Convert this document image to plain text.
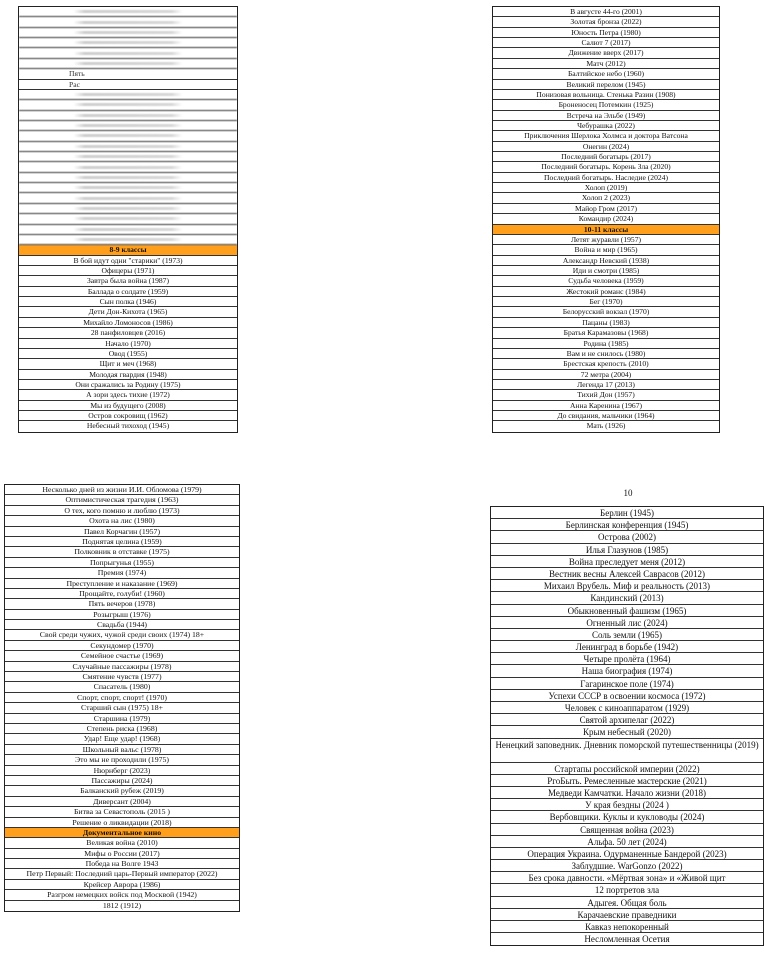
Пять
Рас
8-9 классы
В бой идут одни "старики" (1973)
Офицеры (1971)
Завтра была война (1987)
Баллада о солдате (1959)
Сын полка (1946)
Дети Дон-Кихота (1965)
Михайло Ломоносов (1986)
28 панфиловцев (2016)
Начало (1970)
Овод (1955)
Щит и меч (1968)
Молодая гвардия (1948)
Они сражались за Родину (1975)
А зори здесь тихие (1972)
Мы из будущего (2008)
Остров сокровищ (1962)
Небесный тихоход (1945)
В августе 44-го (2001)
Золотая бронза (2022)
Юность Петра (1980)
Салют 7 (2017)
Движение вверх (2017)
Матч (2012)
Балтийское небо (1960)
Великий перелом (1945)
Понизовая вольница. Стенька Разин (1908)
Броненосец Потемкин (1925)
Встреча на Эльбе (1949)
Чебурашка (2022)
Приключения Шерлока Холмса и доктора Ватсона
Онегин (2024)
Последний богатырь (2017)
Последний богатырь. Корень Зла (2020)
Последний богатырь. Наследие (2024)
Холоп (2019)
Холоп 2 (2023)
Майор Гром (2017)
Командир (2024)
10-11 классы
Летят журавли (1957)
Война и мир (1965)
Александр Невский (1938)
Иди и смотри (1985)
Судьба человека (1959)
Жестокий романс (1984)
Бег (1970)
Белорусский вокзал (1970)
Пацаны (1983)
Братья Карамазовы (1968)
Родина (1985)
Вам и не снилось (1980)
Брестская крепость (2010)
72 метра (2004)
Легенда 17 (2013)
Тихий Дон (1957)
Анна Каренина (1967)
До свидания, мальчики (1964)
Мать (1926)
Несколько дней из жизни И.И. Обломова (1979)
Оптимистическая трагедия (1963)
О тех, кого помню и люблю (1973)
Охота на лис (1980)
Павел Корчагин (1957)
Поднятая целина (1959)
Полковник в отставке (1975)
Попрыгунья (1955)
Премия (1974)
Преступление и наказание (1969)
Прощайте, голуби! (1960)
Пять вечеров (1978)
Розыгрыш (1976)
Свадьба (1944)
Свой среди чужих, чужой среди своих (1974) 18+
Секундомер (1970)
Семейное счастье (1969)
Случайные пассажиры (1978)
Смятение чувств (1977)
Спасатель (1980)
Спорт, спорт, спорт! (1970)
Старший сын (1975) 18+
Старшина (1979)
Степень риска (1968)
Удар! Еще удар! (1968)
Школьный вальс (1978)
Это мы не проходили (1975)
Нюрнберг (2023)
Пассажиры (2024)
Балканский рубеж (2019)
Диверсант (2004)
Битва за Севастополь (2015 )
Решение о ликвидации (2018)
Документальное кино
Великая война (2010)
Мифы о России (2017)
Победа на Волге 1943
Петр Первый: Последний царь-Первый император (2022)
Крейсер Аврора (1986)
Разгром немецких войск под Москвой (1942)
1812 (1912)
10
Берлин (1945)
Берлинская конференция (1945)
Острова (2002)
Илья Глазунов (1985)
Война преследует меня (2012)
Вестник весны Алексей Саврасов (2012)
Михаил Врубель. Миф и реальность (2013)
Кандинский (2013)
Обыкновенный фашизм (1965)
Огненный лис (2024)
Соль земли (1965)
Ленинград в борьбе (1942)
Четыре пролёта (1964)
Наша биография (1974)
Гагаринское поле (1974)
Успехи СССР в освоении космоса (1972)
Человек с киноаппаратом (1929)
Святой архипелаг (2022)
Крым небесный (2020)
Ненецкий заповедник. Дневник поморской путешественницы (2019)
Стартапы российской империи (2022)
РгоБыть. Ремесленные мастерские (2021)
Медведи Камчатки. Начало жизни (2018)
У края бездны (2024 )
Вербовщики. Куклы и кукловоды (2024)
Священная война (2023)
Альфа. 50 лет (2024)
Операция Украина. Одурманенные Бандерой (2023)
Заблудшие. WarGonzo (2022)
Без срока давности. «Мёртвая зона» и «Живой щит
12 портретов зла
Адыгея. Общая боль
Карачаевские праведники
Кавказ непокоренный
Несломленная Осетия
